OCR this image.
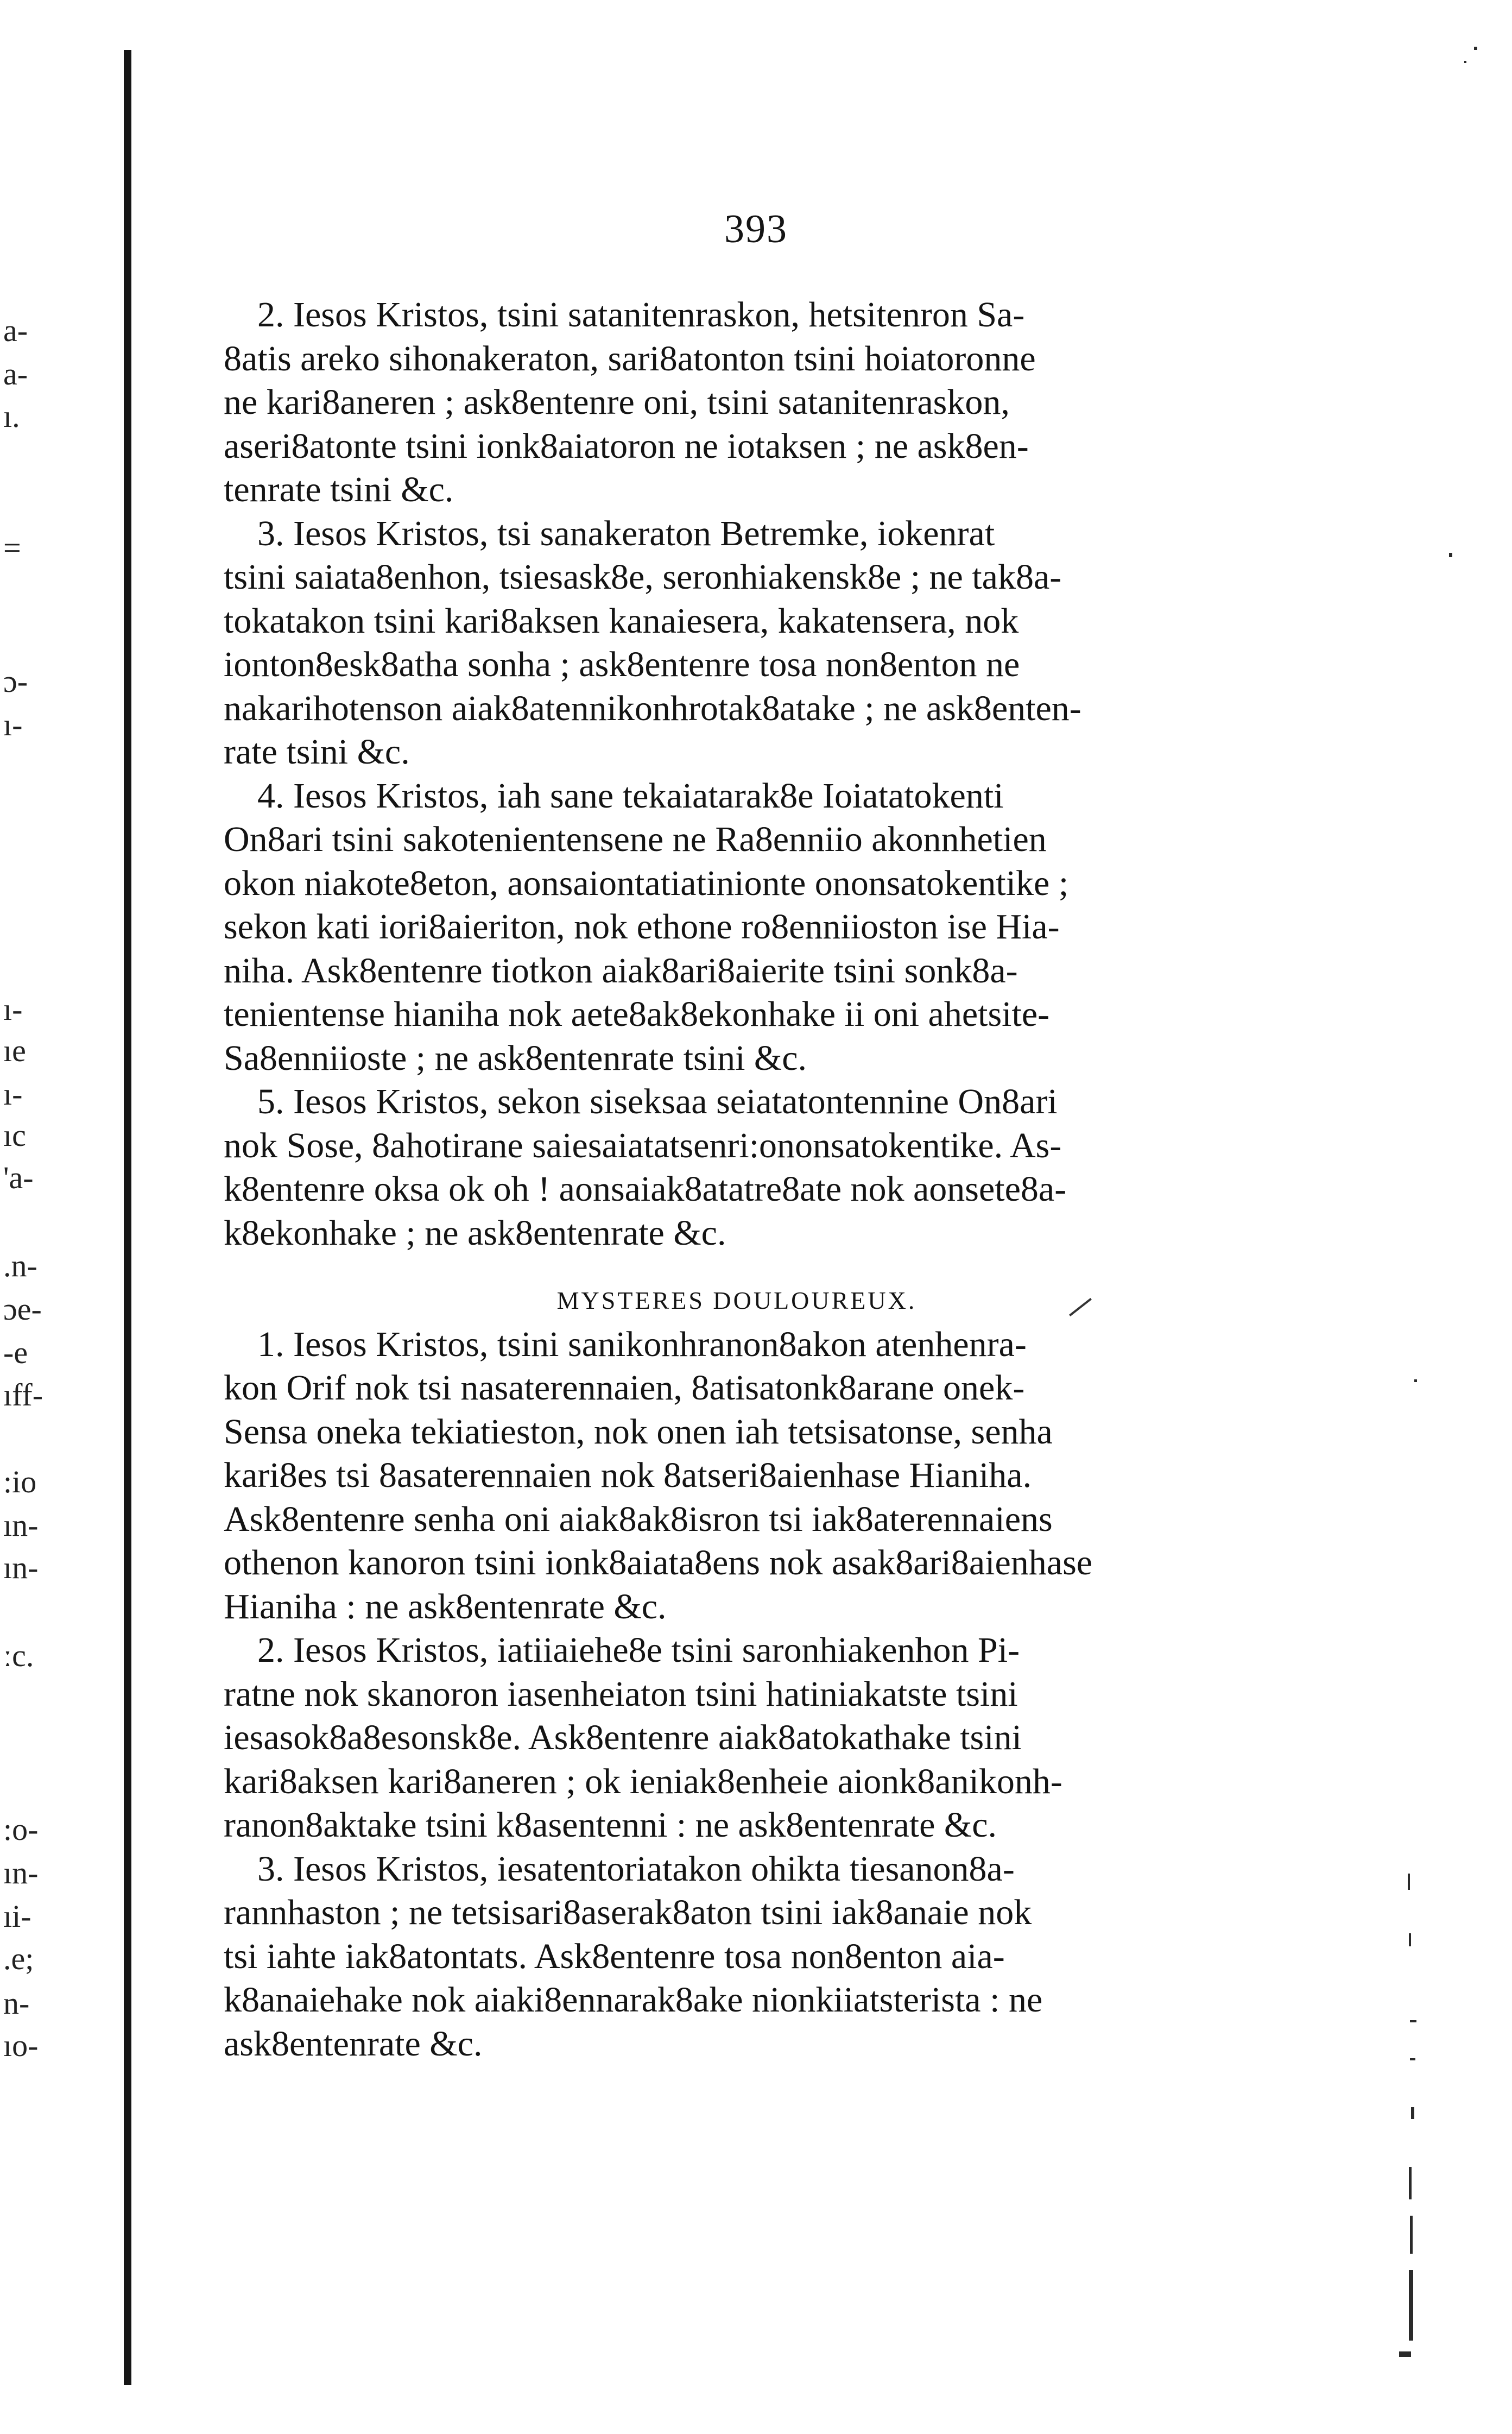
a-
a-
ı.
=
ɔ-
ı-
ı-
ıe
ı-
ıc
'a-
.n-
ɔe-
-e
ıff-
:io
ın-
ın-
ːc.
:o-
ın-
ıi-
.e;
n-
ıo-
393
2. Iesos Kristos, tsini satanitenraskon, hetsitenron Sa-
8atis areko sihonakeraton, sari8atonton tsini hoiatoronne
ne kari8aneren ; ask8entenre oni, tsini satanitenraskon,
aseri8atonte tsini ionk8aiatoron ne iotaksen ; ne ask8en-
tenrate tsini &c.
3. Iesos Kristos, tsi sanakeraton Betremke, iokenrat
tsini saiata8enhon, tsiesask8e, seronhiakensk8e ; ne tak8a-
tokatakon tsini kari8aksen kanaiesera, kakatensera, nok
ionton8esk8atha sonha ; ask8entenre tosa non8enton ne
nakarihotenson aiak8atennikonhrotak8atake ; ne ask8enten-
rate tsini &c.
4. Iesos Kristos, iah sane tekaiatarak8e Ioiatatokenti
On8ari tsini sakotenientensene ne Ra8enniio akonnhetien
okon niakote8eton, aonsaiontatiatinionte ononsatokentike ;
sekon kati iori8aieriton, nok ethone ro8enniioston ise Hia-
niha. Ask8entenre tiotkon aiak8ari8aierite tsini sonk8a-
tenientense hianiha nok aete8ak8ekonhake ii oni ahetsite-
Sa8enniioste ; ne ask8entenrate tsini &c.
5. Iesos Kristos, sekon siseksaa seiatatontennine On8ari
nok Sose, 8ahotirane saiesaiatatsenri:ononsatokentike. As-
k8entenre oksa ok oh ! aonsaiak8atatre8ate nok aonsete8a-
k8ekonhake ; ne ask8entenrate &c.
MYSTERES DOULOUREUX.
1. Iesos Kristos, tsini sanikonhranon8akon atenhenra-
kon Orif nok tsi nasaterennaien, 8atisatonk8arane onek-
Sensa oneka tekiatieston, nok onen iah tetsisatonse, senha
kari8es tsi 8asaterennaien nok 8atseri8aienhase Hianiha.
Ask8entenre senha oni aiak8ak8isron tsi iak8aterennaiens
othenon kanoron tsini ionk8aiata8ens nok asak8ari8aienhase
Hianiha : ne ask8entenrate &c.
2. Iesos Kristos, iatiiaiehe8e tsini saronhiakenhon Pi-
ratne nok skanoron iasenheiaton tsini hatiniakatste tsini
iesasok8a8esonsk8e. Ask8entenre aiak8atokathake tsini
kari8aksen kari8aneren ; ok ieniak8enheie aionk8anikonh-
ranon8aktake tsini k8asentenni : ne ask8entenrate &c.
3. Iesos Kristos, iesatentoriatakon ohikta tiesanon8a-
rannhaston ; ne tetsisari8aserak8aton tsini iak8anaie nok
tsi iahte iak8atontats. Ask8entenre tosa non8enton aia-
k8anaiehake nok aiaki8ennarak8ake nionkiiatsterista : ne
ask8entenrate &c.
